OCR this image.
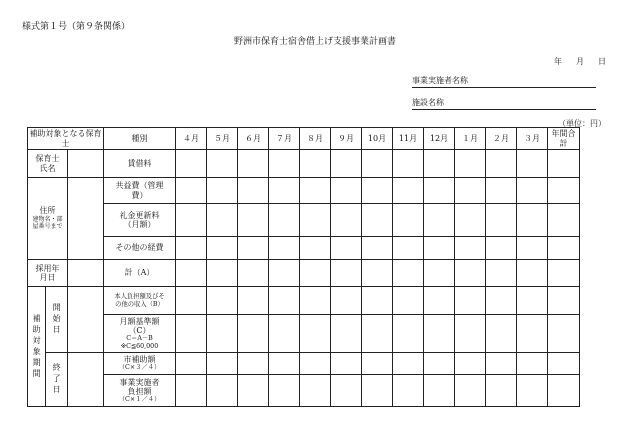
様式第１号（第９条関係）
野洲市保育士宿舎借上げ支援事業計画書
年 月 日
事業実施者名称
施設名称
（単位：円）
補助対象となる保育士			種別	４月	５月	６月	７月	８月	９月	10月	11月	12月	１月	２月	３月	年間合計

保育士氏名			賃借料													

住所
建物名・部屋番号まで			共益費（管理費）													
			礼金更新料（月額）													
			その他の経費													

採用年月日			計（A）													

補助対象期間	開始日		本人負担額及びその他の収入（B）													

			月額基準額（C）
C＝A－B
※C≦60,000													

	終了日		市補助額
（C×３／４）													

			事業実施者負担額
（C×１／４）													
